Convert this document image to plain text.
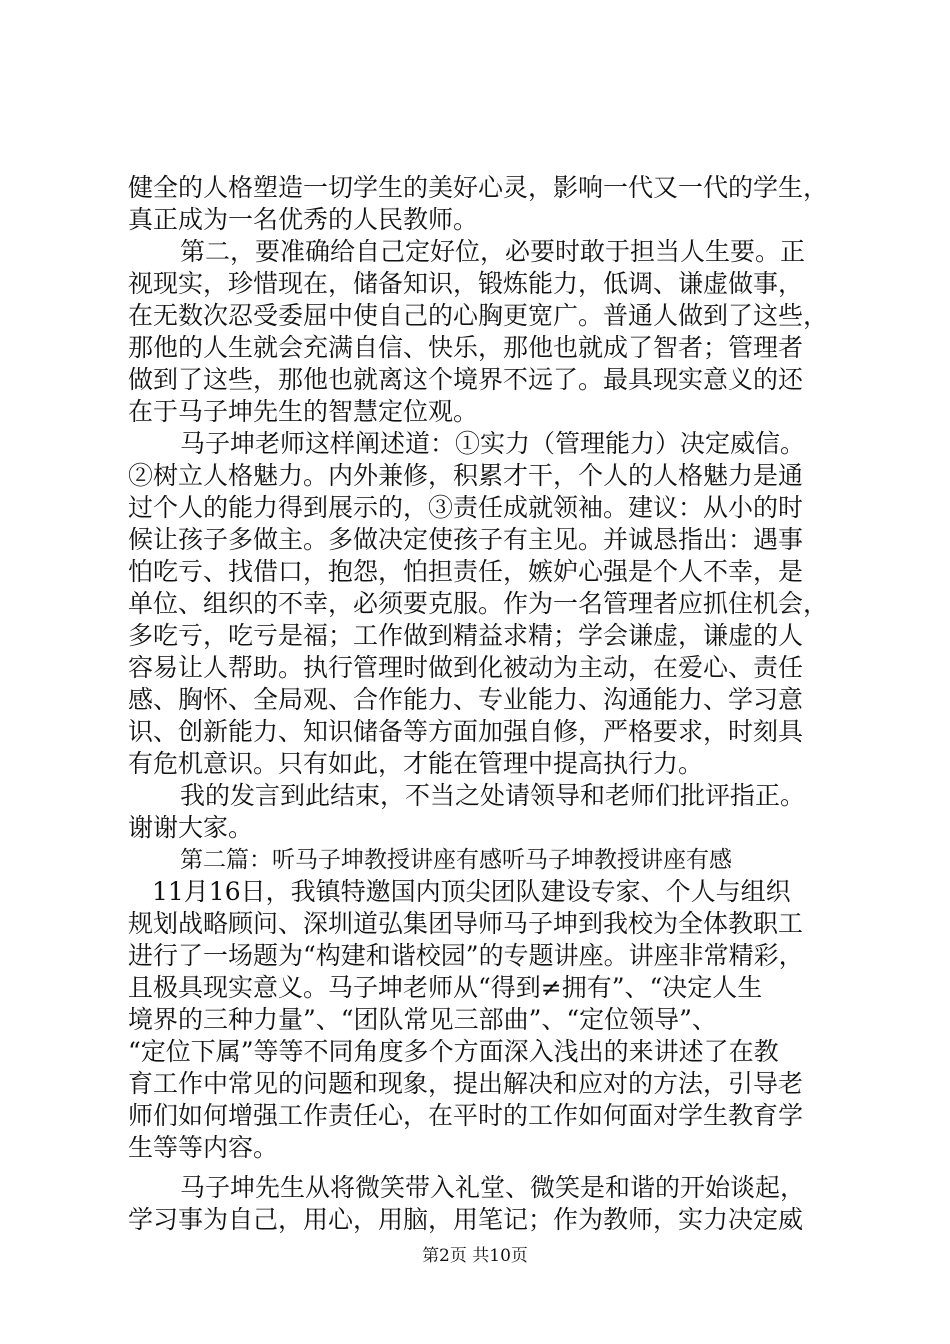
健全的人格塑造一切学生的美好心灵，影响一代又一代的学生，
真正成为一名优秀的人民教师。
第二，要准确给自己定好位，必要时敢于担当人生要。正
视现实，珍惜现在，储备知识，锻炼能力，低调、谦虚做事，
在无数次忍受委屈中使自己的心胸更宽广。普通人做到了这些，
那他的人生就会充满自信、快乐，那他也就成了智者；管理者
做到了这些，那他也就离这个境界不远了。最具现实意义的还
在于马子坤先生的智慧定位观。
马子坤老师这样阐述道：①实力（管理能力）决定威信。
②树立人格魅力。内外兼修，积累才干，个人的人格魅力是通
过个人的能力得到展示的，③责任成就领袖。建议：从小的时
候让孩子多做主。多做决定使孩子有主见。并诚恳指出：遇事
怕吃亏、找借口，抱怨，怕担责任，嫉妒心强是个人不幸，是
单位、组织的不幸，必须要克服。作为一名管理者应抓住机会，
多吃亏，吃亏是福；工作做到精益求精；学会谦虚，谦虚的人
容易让人帮助。执行管理时做到化被动为主动，在爱心、责任
感、胸怀、全局观、合作能力、专业能力、沟通能力、学习意
识、创新能力、知识储备等方面加强自修，严格要求，时刻具
有危机意识。只有如此，才能在管理中提高执行力。
我的发言到此结束，不当之处请领导和老师们批评指正。
谢谢大家。
第二篇：听马子坤教授讲座有感听马子坤教授讲座有感
11月16日，我镇特邀国内顶尖团队建设专家、个人与组织
规划战略顾问、深圳道弘集团导师马子坤到我校为全体教职工
进行了一场题为“构建和谐校园”的专题讲座。讲座非常精彩，
且极具现实意义。马子坤老师从“得到≠拥有”、“决定人生
境界的三种力量”、“团队常见三部曲”、“定位领导”、
“定位下属”等等不同角度多个方面深入浅出的来讲述了在教
育工作中常见的问题和现象，提出解决和应对的方法，引导老
师们如何增强工作责任心，在平时的工作如何面对学生教育学
生等等内容。
马子坤先生从将微笑带入礼堂、微笑是和谐的开始谈起，
学习事为自己，用心，用脑，用笔记；作为教师，实力决定威
第2页 共10页
